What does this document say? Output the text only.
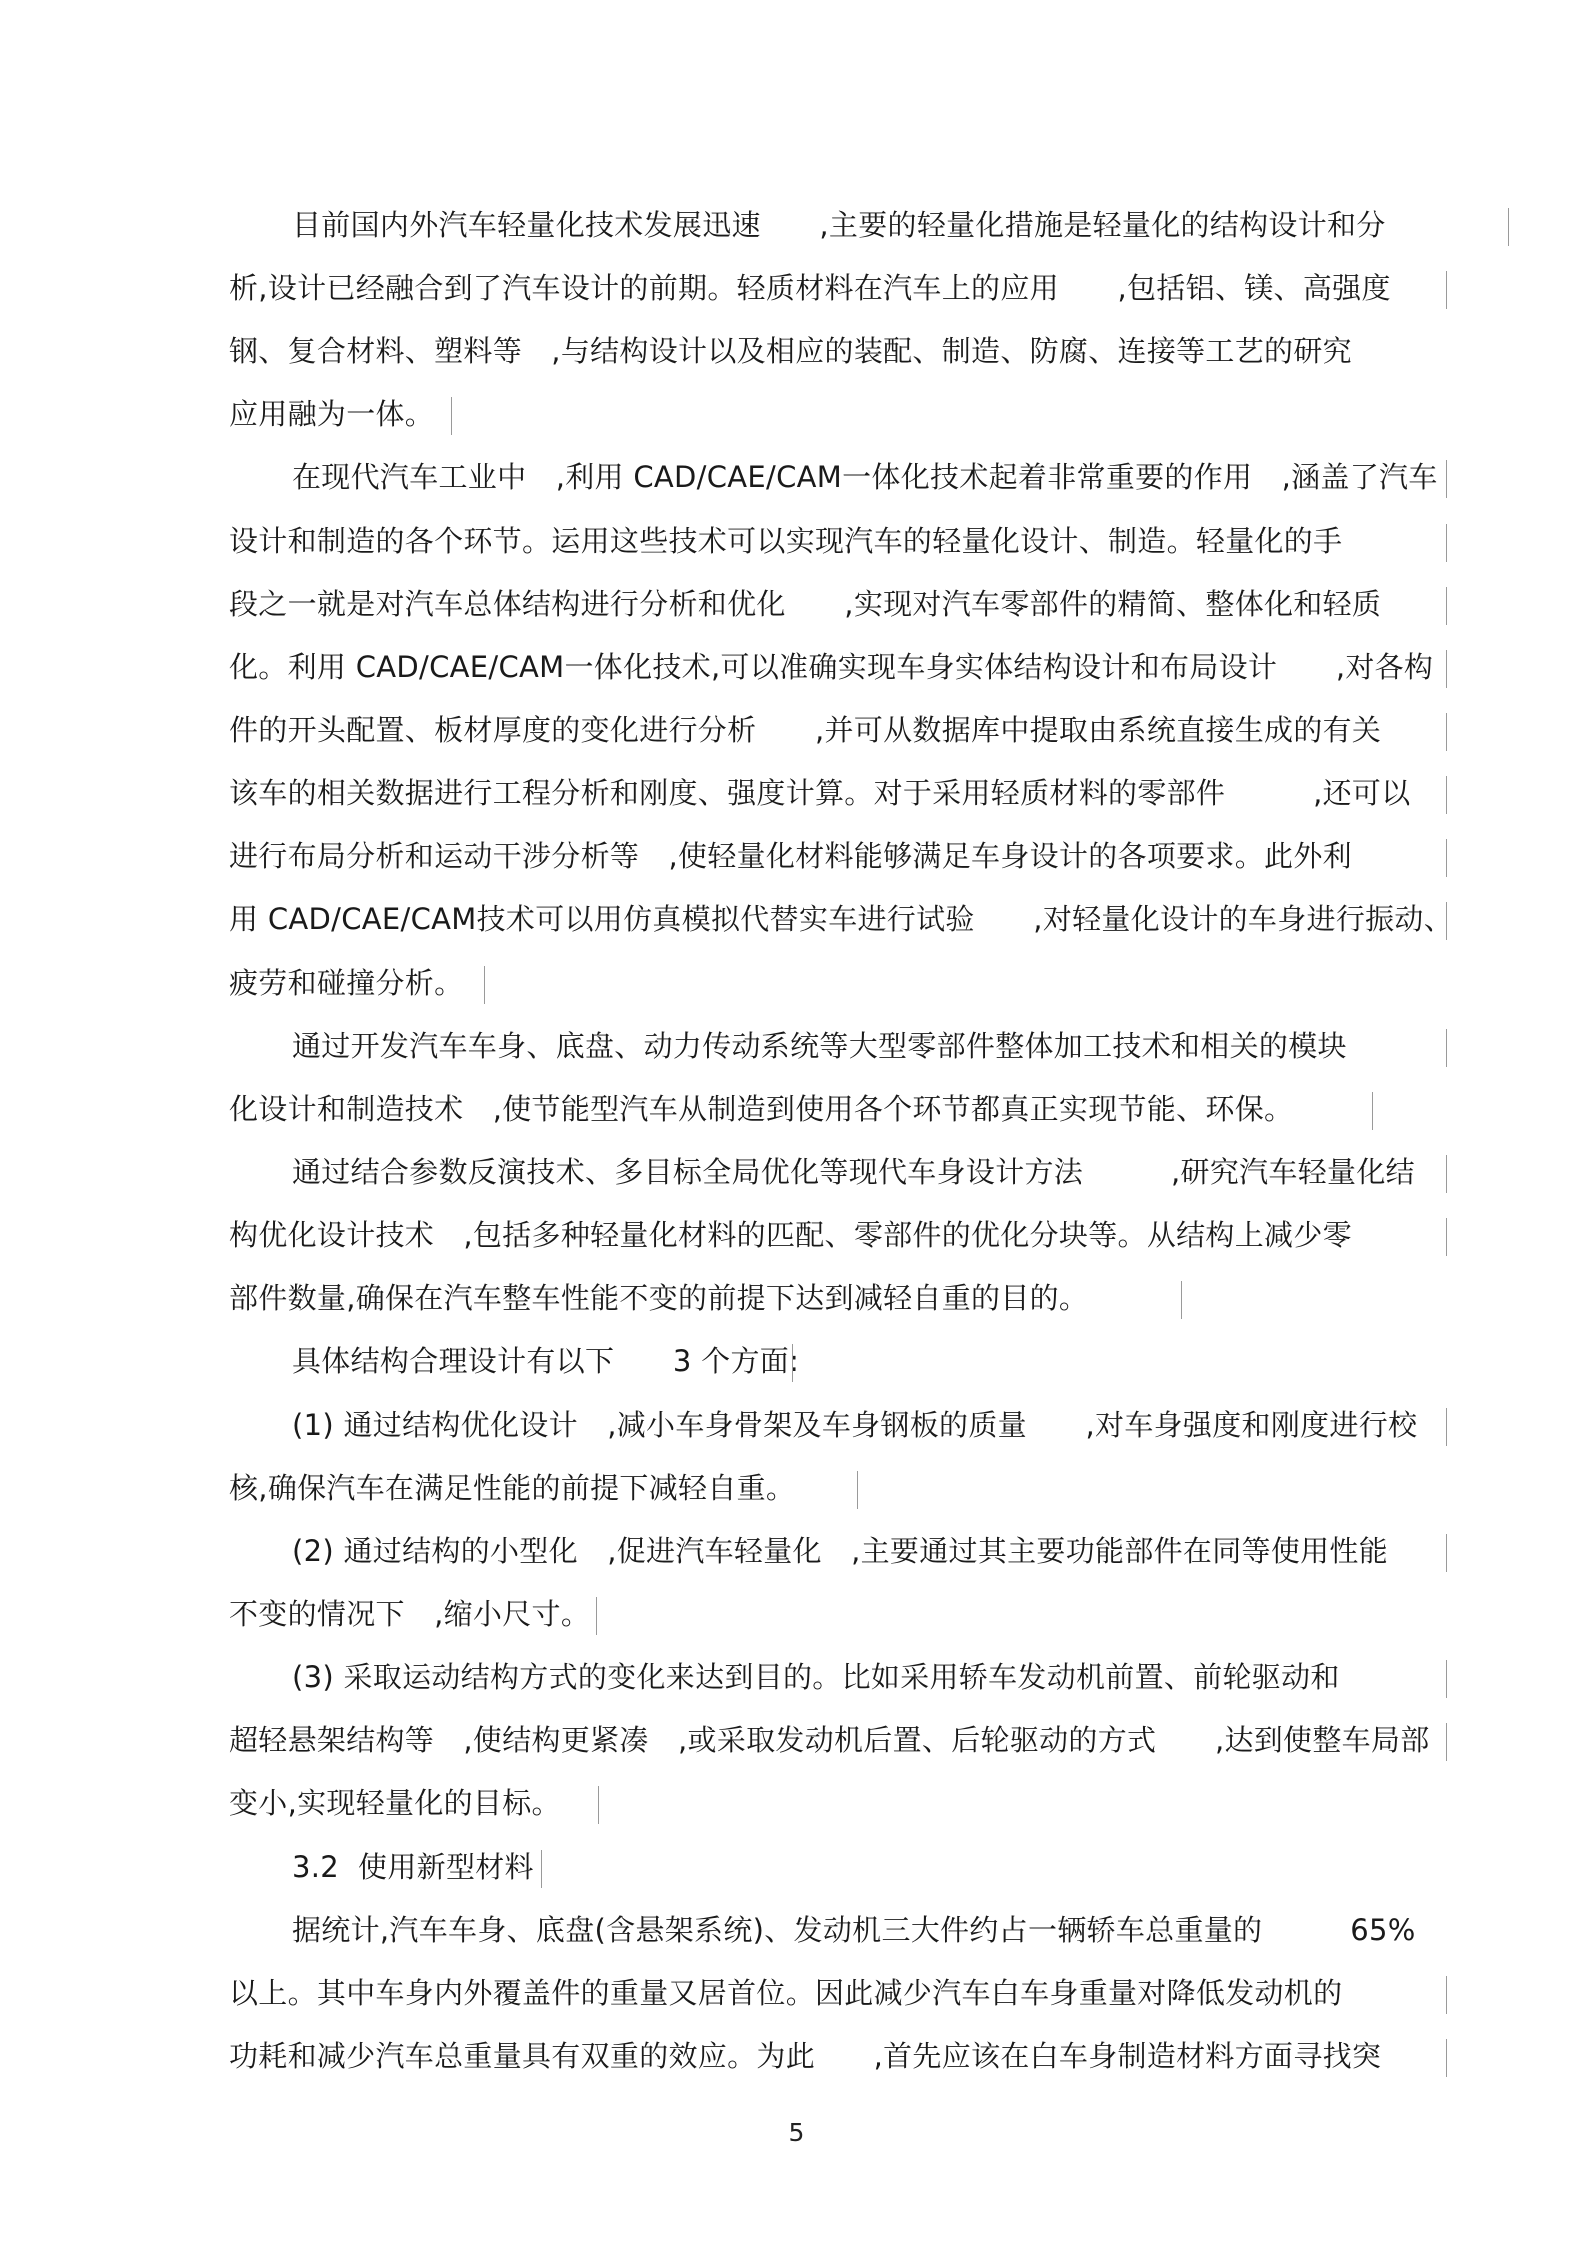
目前国内外汽车轻量化技术发展迅速　　,主要的轻量化措施是轻量化的结构设计和分
析,设计已经融合到了汽车设计的前期。轻质材料在汽车上的应用　　,包括铝、镁、高强度
钢、复合材料、塑料等　,与结构设计以及相应的装配、制造、防腐、连接等工艺的研究
应用融为一体。
在现代汽车工业中　,利用 CAD/CAE/CAM一体化技术起着非常重要的作用　,涵盖了汽车
设计和制造的各个环节。运用这些技术可以实现汽车的轻量化设计、制造。轻量化的手
段之一就是对汽车总体结构进行分析和优化　　,实现对汽车零部件的精简、整体化和轻质
化。利用 CAD/CAE/CAM一体化技术,可以准确实现车身实体结构设计和布局设计　　,对各构
件的开头配置、板材厚度的变化进行分析　　,并可从数据库中提取由系统直接生成的有关
该车的相关数据进行工程分析和刚度、强度计算。对于采用轻质材料的零部件　　　,还可以
进行布局分析和运动干涉分析等　,使轻量化材料能够满足车身设计的各项要求。此外利
用 CAD/CAE/CAM技术可以用仿真模拟代替实车进行试验　　,对轻量化设计的车身进行振动、
疲劳和碰撞分析。
通过开发汽车车身、底盘、动力传动系统等大型零部件整体加工技术和相关的模块
化设计和制造技术　,使节能型汽车从制造到使用各个环节都真正实现节能、环保。
通过结合参数反演技术、多目标全局优化等现代车身设计方法　　　,研究汽车轻量化结
构优化设计技术　,包括多种轻量化材料的匹配、零部件的优化分块等。从结构上减少零
部件数量,确保在汽车整车性能不变的前提下达到减轻自重的目的。
具体结构合理设计有以下　　3 个方面:
(1) 通过结构优化设计　,减小车身骨架及车身钢板的质量　　,对车身强度和刚度进行校
核,确保汽车在满足性能的前提下减轻自重。
(2) 通过结构的小型化　,促进汽车轻量化　,主要通过其主要功能部件在同等使用性能
不变的情况下　,缩小尺寸。
(3) 采取运动结构方式的变化来达到目的。比如采用轿车发动机前置、前轮驱动和
超轻悬架结构等　,使结构更紧凑　,或采取发动机后置、后轮驱动的方式　　,达到使整车局部
变小,实现轻量化的目标。
3.2  使用新型材料
据统计,汽车车身、底盘(含悬架系统)、发动机三大件约占一辆轿车总重量的　　　65%
以上。其中车身内外覆盖件的重量又居首位。因此减少汽车白车身重量对降低发动机的
功耗和减少汽车总重量具有双重的效应。为此　　,首先应该在白车身制造材料方面寻找突
5
